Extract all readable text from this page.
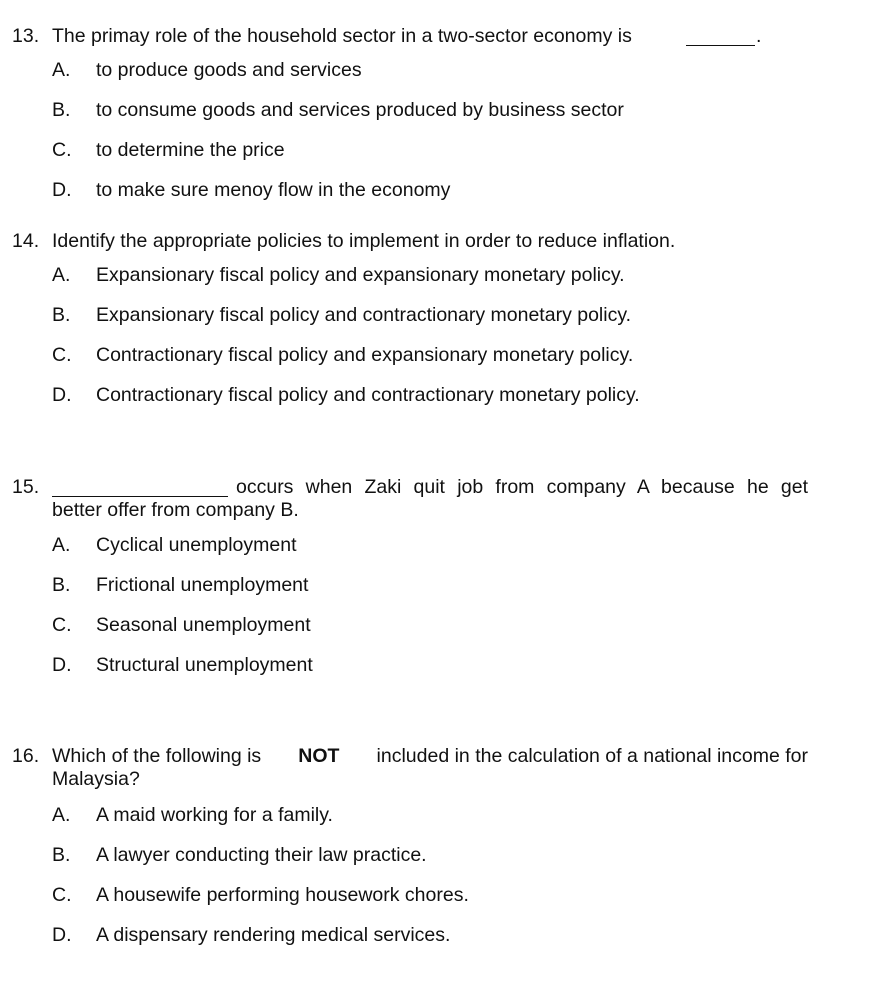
13. The primay role of the household sector in a two-sector economy is	.
A. to produce goods and services
B. to consume goods and services produced by business sector
C. to determine the price
D. to make sure menoy flow in the economy
14. Identify the appropriate policies to implement in order to reduce inflation.
A. Expansionary fiscal policy and expansionary monetary policy.
B. Expansionary fiscal policy and contractionary monetary policy.
C. Contractionary fiscal policy and expansionary monetary policy.
D. Contractionary fiscal policy and contractionary monetary policy.
15.	occurs when Zaki quit job from company A because he get
better offer from company B.
A. Cyclical unemployment
B. Frictional unemployment
C. Seasonal unemployment
D. Structural unemployment
16. Which of the following is NOT included in the calculation of a national income for
Malaysia?
A. A maid working for a family.
B. A lawyer conducting their law practice.
C. A housewife performing housework chores.
D. A dispensary rendering medical services.
